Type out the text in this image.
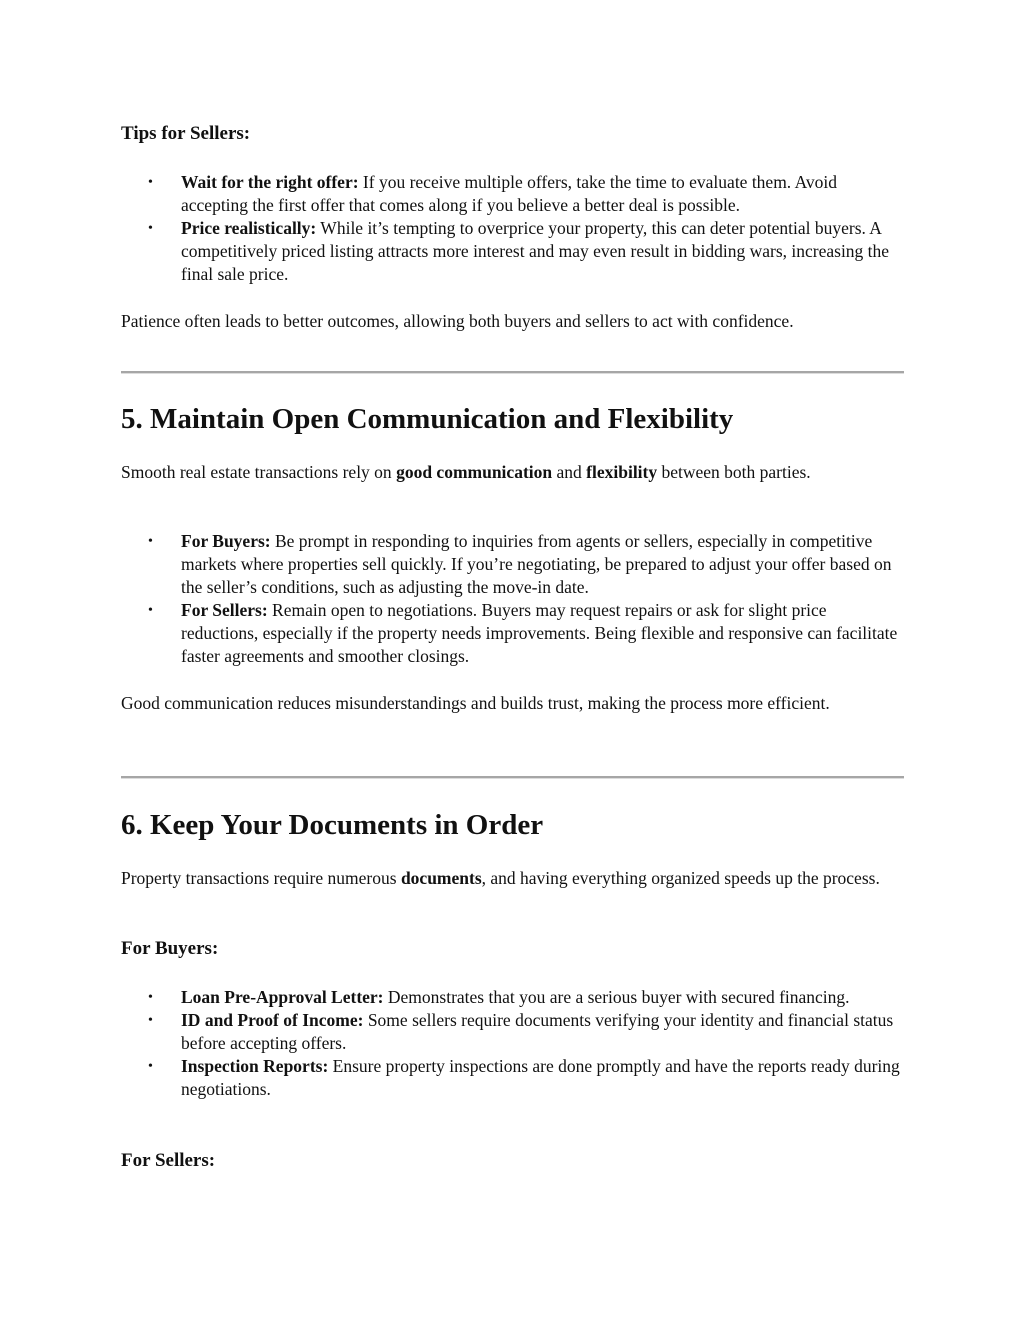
Tips for Sellers:
• Wait for the right offer: If you receive multiple offers, take the time to evaluate them. Avoid accepting the first offer that comes along if you believe a better deal is possible.
• Price realistically: While it’s tempting to overprice your property, this can deter potential buyers. A competitively priced listing attracts more interest and may even result in bidding wars, increasing the final sale price.

Patience often leads to better outcomes, allowing both buyers and sellers to act with confidence.

5. Maintain Open Communication and Flexibility

Smooth real estate transactions rely on good communication and flexibility between both parties.

• For Buyers: Be prompt in responding to inquiries from agents or sellers, especially in competitive markets where properties sell quickly. If you’re negotiating, be prepared to adjust your offer based on the seller’s conditions, such as adjusting the move-in date.
• For Sellers: Remain open to negotiations. Buyers may request repairs or ask for slight price reductions, especially if the property needs improvements. Being flexible and responsive can facilitate faster agreements and smoother closings.

Good communication reduces misunderstandings and builds trust, making the process more efficient.

6. Keep Your Documents in Order

Property transactions require numerous documents, and having everything organized speeds up the process.

For Buyers:
• Loan Pre-Approval Letter: Demonstrates that you are a serious buyer with secured financing.
• ID and Proof of Income: Some sellers require documents verifying your identity and financial status before accepting offers.
• Inspection Reports: Ensure property inspections are done promptly and have the reports ready during negotiations.
For Sellers:
